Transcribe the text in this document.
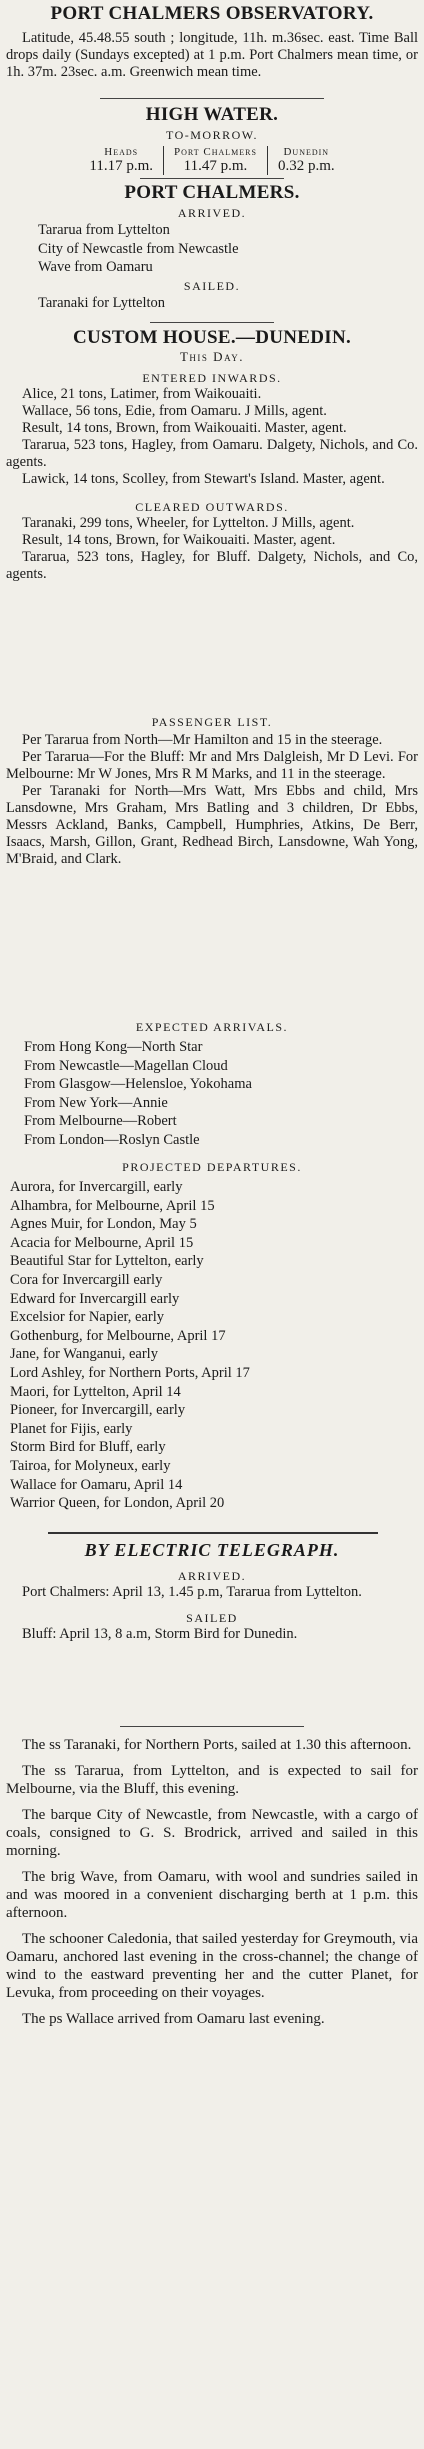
PORT CHALMERS OBSERVATORY.
Latitude, 45.48.55 south ; longitude, 11h. m.36sec. east. Time Ball drops daily (Sundays excepted) at 1 p.m. Port Chalmers mean time, or 1h. 37m. 23sec. a.m. Greenwich mean time.
HIGH WATER.
TO-MORROW.
Heads
11.17 p.m.
Port Chalmers
11.47 p.m.
Dunedin
0.32 p.m.
PORT CHALMERS.
ARRIVED.
Tararua from Lyttelton
City of Newcastle from Newcastle
Wave from Oamaru
SAILED.
Taranaki for Lyttelton
CUSTOM HOUSE.—DUNEDIN.
This Day.
ENTERED INWARDS.
Alice, 21 tons, Latimer, from Waikouaiti.
Wallace, 56 tons, Edie, from Oamaru. J Mills, agent.
Result, 14 tons, Brown, from Waikouaiti. Master, agent.
Tararua, 523 tons, Hagley, from Oamaru. Dalgety, Nichols, and Co. agents.
Lawick, 14 tons, Scolley, from Stewart's Island. Master, agent.
CLEARED OUTWARDS.
Taranaki, 299 tons, Wheeler, for Lyttelton. J Mills, agent.
Result, 14 tons, Brown, for Waikouaiti. Master, agent.
Tararua, 523 tons, Hagley, for Bluff. Dalgety, Nichols, and Co, agents.
PASSENGER LIST.
Per Tararua from North—Mr Hamilton and 15 in the steerage.
Per Tararua—For the Bluff: Mr and Mrs Dalgleish, Mr D Levi. For Melbourne: Mr W Jones, Mrs R M Marks, and 11 in the steerage.
Per Taranaki for North—Mrs Watt, Mrs Ebbs and child, Mrs Lansdowne, Mrs Graham, Mrs Batling and 3 children, Dr Ebbs, Messrs Ackland, Banks, Campbell, Humphries, Atkins, De Berr, Isaacs, Marsh, Gillon, Grant, Redhead Birch, Lansdowne, Wah Yong, M'Braid, and Clark.
EXPECTED ARRIVALS.
From Hong Kong—North Star
From Newcastle—Magellan Cloud
From Glasgow—Helensloe, Yokohama
From New York—Annie
From Melbourne—Robert
From London—Roslyn Castle
PROJECTED DEPARTURES.
Aurora, for Invercargill, early
Alhambra, for Melbourne, April 15
Agnes Muir, for London, May 5
Acacia for Melbourne, April 15
Beautiful Star for Lyttelton, early
Cora for Invercargill early
Edward for Invercargill early
Excelsior for Napier, early
Gothenburg, for Melbourne, April 17
Jane, for Wanganui, early
Lord Ashley, for Northern Ports, April 17
Maori, for Lyttelton, April 14
Pioneer, for Invercargill, early
Planet for Fijis, early
Storm Bird for Bluff, early
Tairoa, for Molyneux, early
Wallace for Oamaru, April 14
Warrior Queen, for London, April 20
BY ELECTRIC TELEGRAPH.
ARRIVED.
Port Chalmers: April 13, 1.45 p.m, Tararua from Lyttelton.
SAILED
Bluff: April 13, 8 a.m, Storm Bird for Dunedin.
The ss Taranaki, for Northern Ports, sailed at 1.30 this afternoon.
The ss Tararua, from Lyttelton, and is expected to sail for Melbourne, via the Bluff, this evening.
The barque City of Newcastle, from Newcastle, with a cargo of coals, consigned to G. S. Brodrick, arrived and sailed in this morning.
The brig Wave, from Oamaru, with wool and sundries sailed in and was moored in a convenient discharging berth at 1 p.m. this afternoon.
The schooner Caledonia, that sailed yesterday for Greymouth, via Oamaru, anchored last evening in the cross-channel; the change of wind to the eastward preventing her and the cutter Planet, for Levuka, from proceeding on their voyages.
The ps Wallace arrived from Oamaru last evening.
